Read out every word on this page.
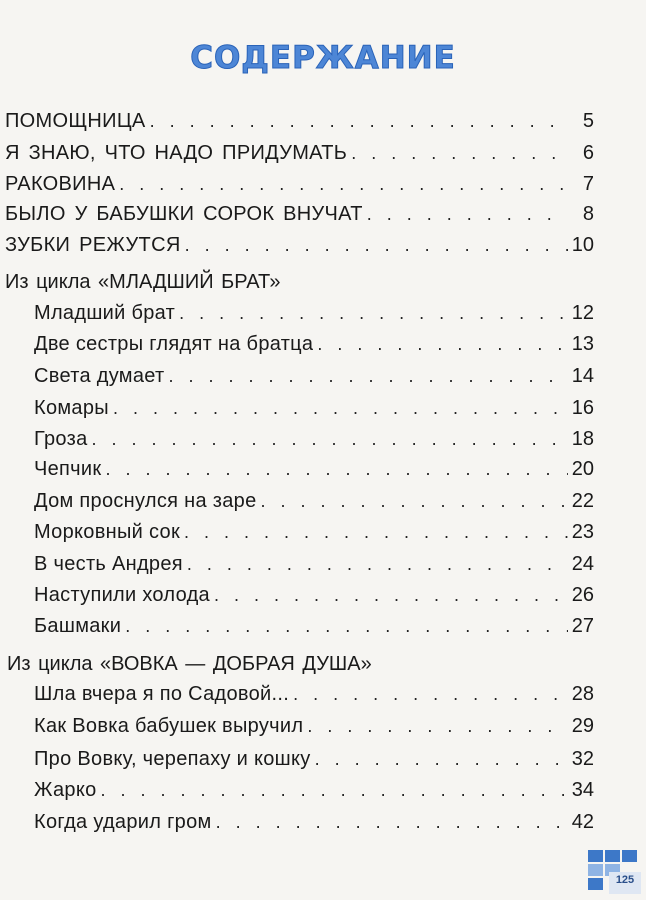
СОДЕРЖАНИЕ
ПОМОЩНИЦА . . .	5
Я ЗНАЮ, ЧТО НАДО ПРИДУМАТЬ . . .	6
РАКОВИНА . . .	7
БЫЛО У БАБУШКИ СОРОК ВНУЧАТ . . .	8
ЗУБКИ РЕЖУТСЯ . . .	10
Из цикла «МЛАДШИЙ БРАТ»
Младший брат . . .	12
Две сестры глядят на братца . . .	13
Света думает . . .	14
Комары . . .	16
Гроза . . .	18
Чепчик . . .	20
Дом проснулся на заре . . .	22
Морковный сок . . .	23
В честь Андрея . . .	24
Наступили холода . . .	26
Башмаки . . .	27
Из цикла «ВОВКА — ДОБРАЯ ДУША»
Шла вчера я по Садовой... . . .	28
Как Вовка бабушек выручил . . .	29
Про Вовку, черепаху и кошку . . .	32
Жарко . . .	34
Когда ударил гром . . .	42
125
